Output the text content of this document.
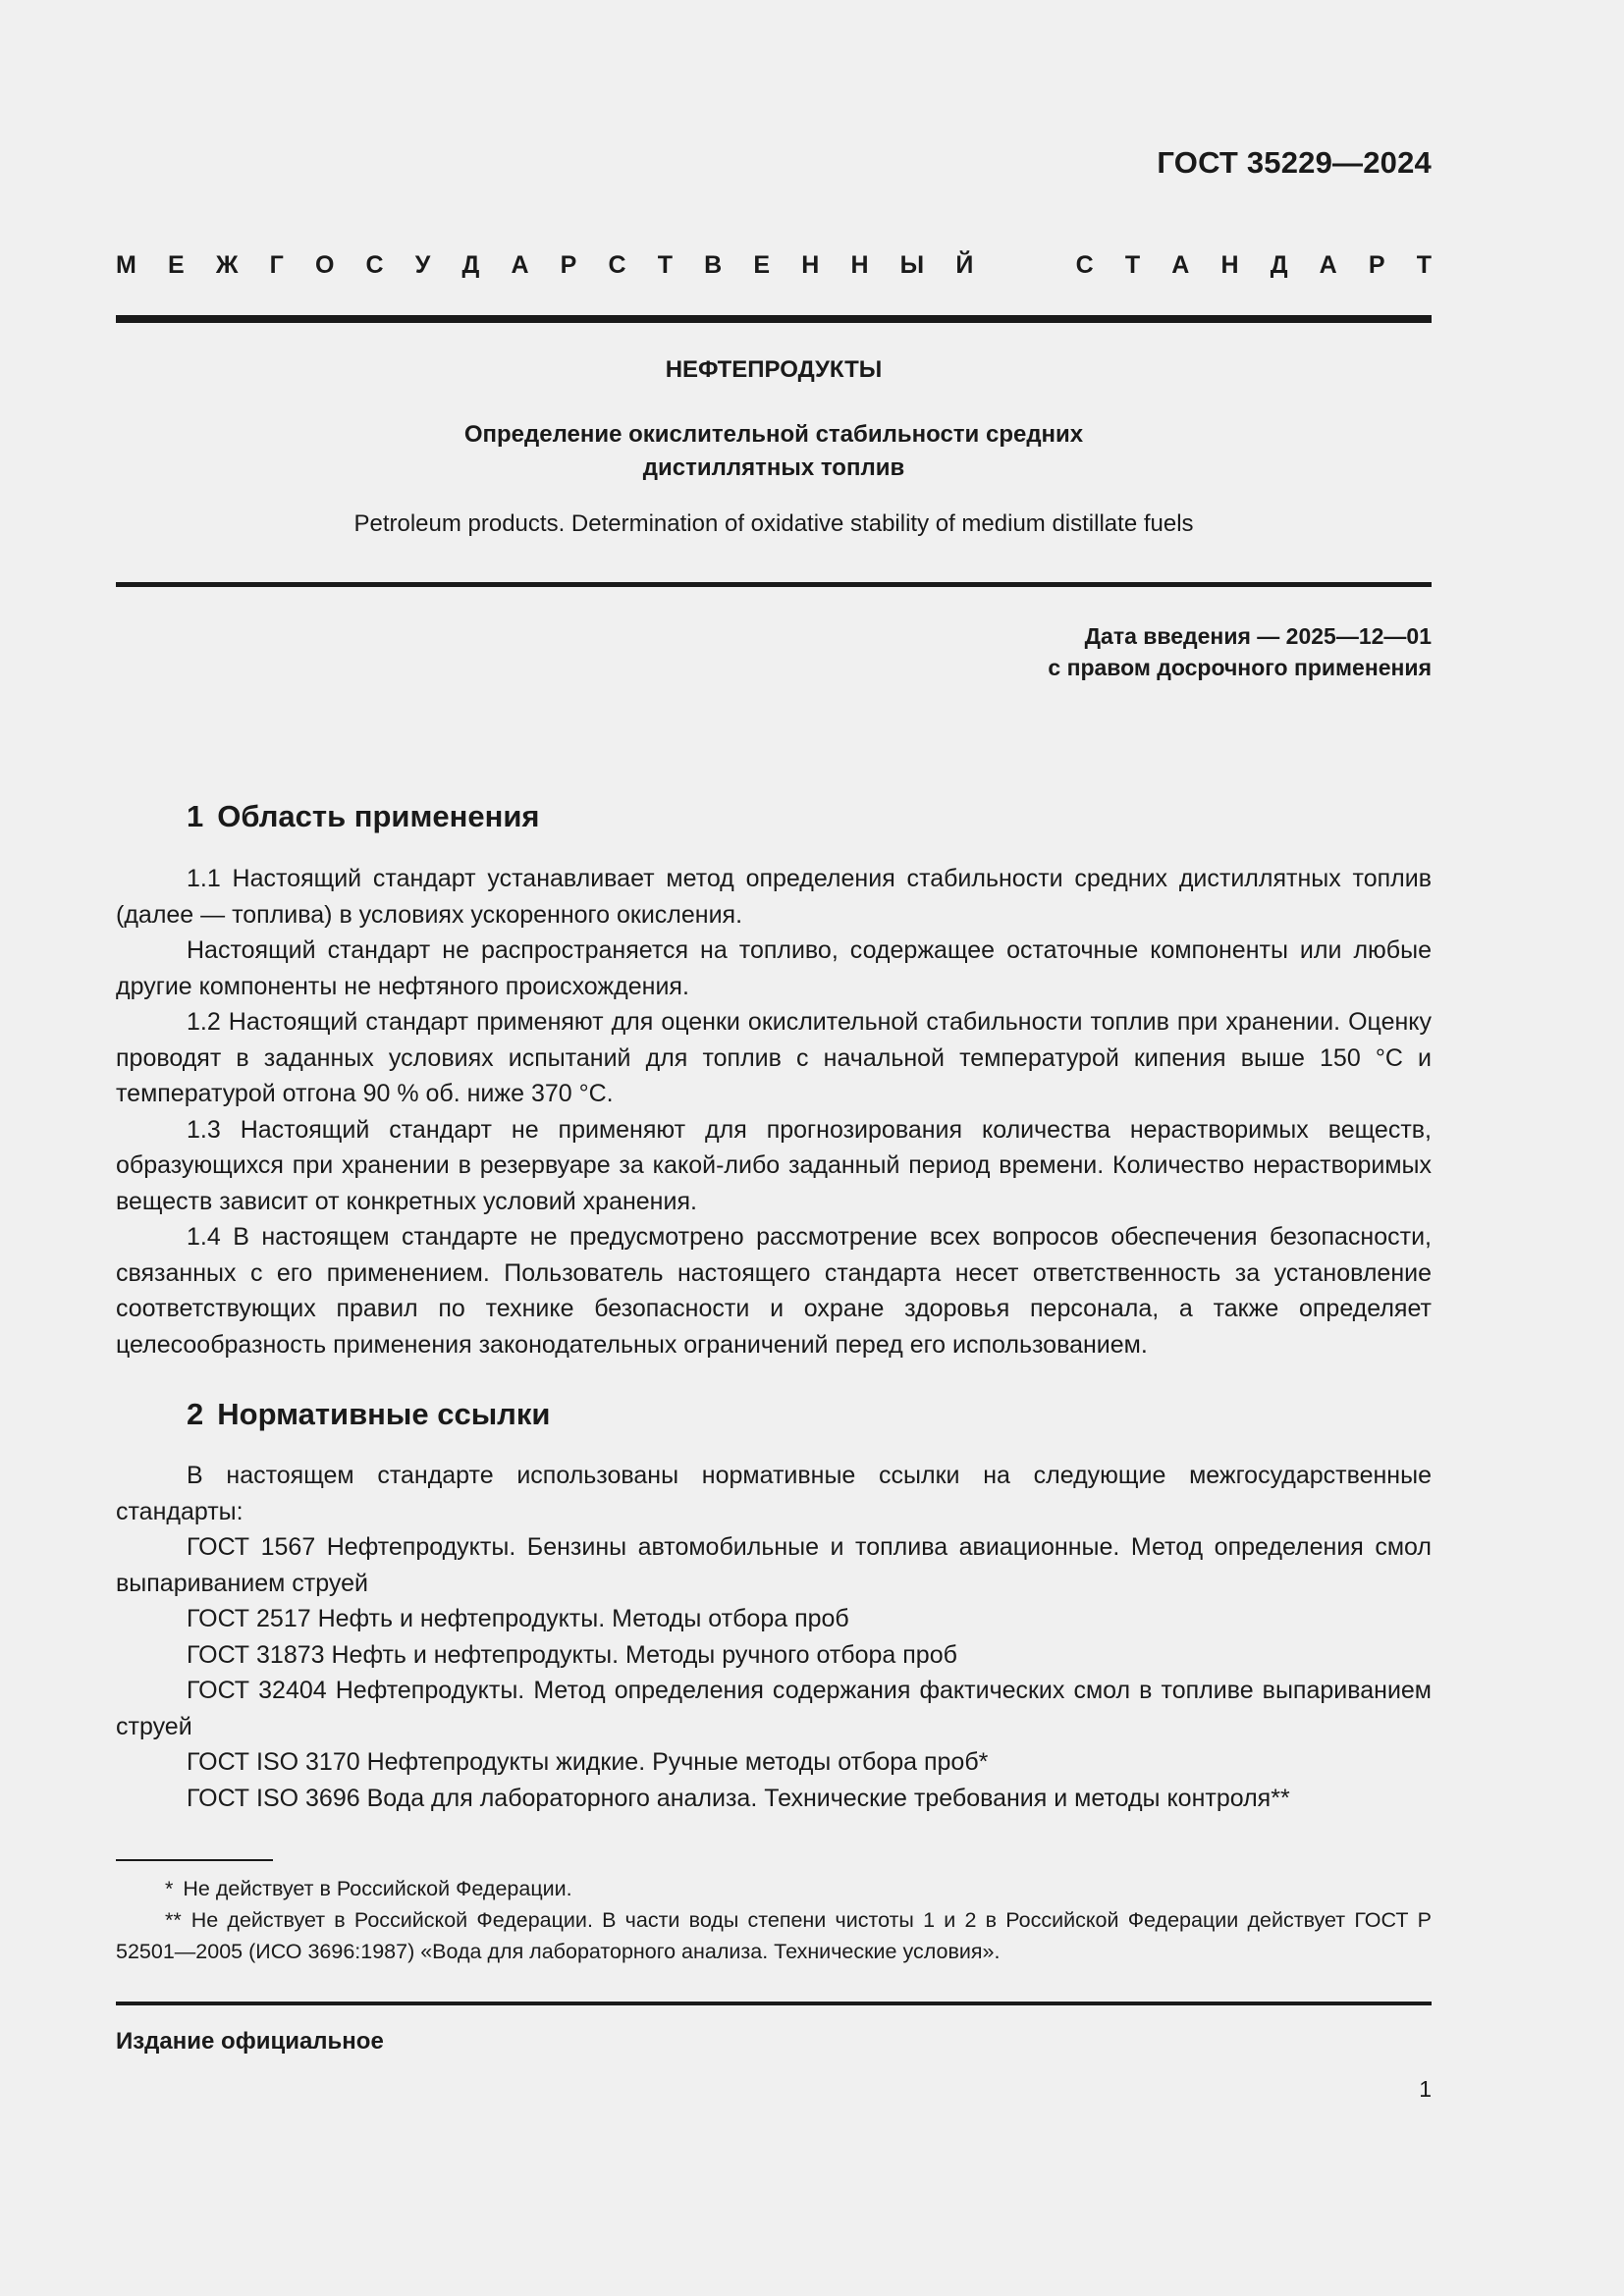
ГОСТ 35229—2024
М Е Ж Г О С У Д А Р С Т В Е Н Н Ы Й	С Т А Н Д А Р Т
НЕФТЕПРОДУКТЫ
Определение окислительной стабильности средних
дистиллятных топлив
Petroleum products. Determination of oxidative stability of medium distillate fuels
Дата введения — 2025—12—01
с правом досрочного применения
1 Область применения

1.1 Настоящий стандарт устанавливает метод определения стабильности средних дистиллятных топлив (далее — топлива) в условиях ускоренного окисления.

Настоящий стандарт не распространяется на топливо, содержащее остаточные компоненты или любые другие компоненты не нефтяного происхождения.

1.2 Настоящий стандарт применяют для оценки окислительной стабильности топлив при хранении. Оценку проводят в заданных условиях испытаний для топлив с начальной температурой кипения выше 150 °С и температурой отгона 90 % об. ниже 370 °С.

1.3 Настоящий стандарт не применяют для прогнозирования количества нерастворимых веществ, образующихся при хранении в резервуаре за какой-либо заданный период времени. Количество нерастворимых веществ зависит от конкретных условий хранения.

1.4 В настоящем стандарте не предусмотрено рассмотрение всех вопросов обеспечения безопасности, связанных с его применением. Пользователь настоящего стандарта несет ответственность за установление соответствующих правил по технике безопасности и охране здоровья персонала, а также определяет целесообразность применения законодательных ограничений перед его использованием.

2 Нормативные ссылки

В настоящем стандарте использованы нормативные ссылки на следующие межгосударственные стандарты:

ГОСТ 1567 Нефтепродукты. Бензины автомобильные и топлива авиационные. Метод определения смол выпариванием струей

ГОСТ 2517 Нефть и нефтепродукты. Методы отбора проб

ГОСТ 31873 Нефть и нефтепродукты. Методы ручного отбора проб

ГОСТ 32404 Нефтепродукты. Метод определения содержания фактических смол в топливе выпариванием струей

ГОСТ ISO 3170 Нефтепродукты жидкие. Ручные методы отбора проб*

ГОСТ ISO 3696 Вода для лабораторного анализа. Технические требования и методы контроля**

* Не действует в Российской Федерации.

** Не действует в Российской Федерации. В части воды степени чистоты 1 и 2 в Российской Федерации действует ГОСТ Р 52501—2005 (ИСО 3696:1987) «Вода для лабораторного анализа. Технические условия».

Издание официальное
1
